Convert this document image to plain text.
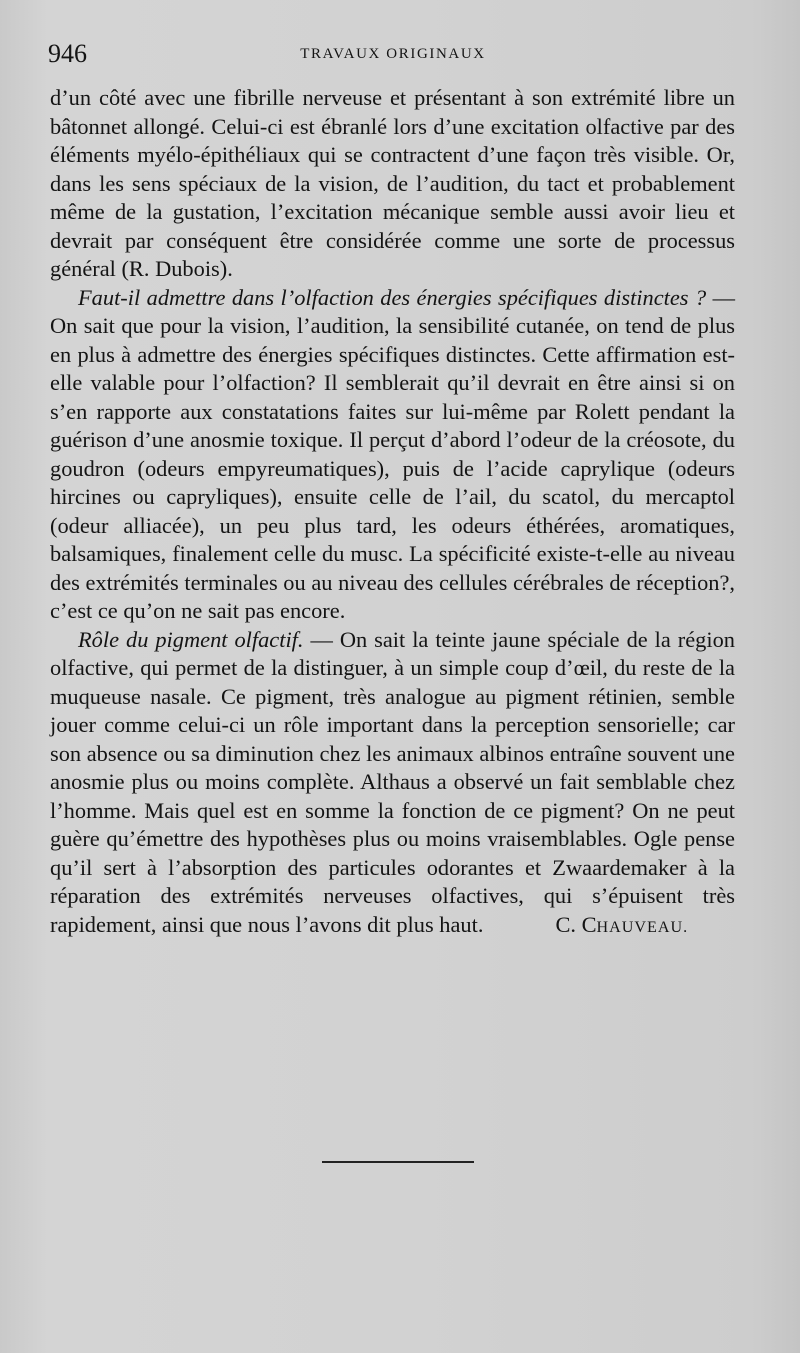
946	TRAVAUX ORIGINAUX

d’un côté avec une fibrille nerveuse et présentant à son extrémité libre un bâtonnet allongé. Celui-ci est ébranlé lors d’une excitation olfactive par des éléments myélo-épithéliaux qui se contractent d’une façon très visible. Or, dans les sens spéciaux de la vision, de l’audition, du tact et probablement même de la gustation, l’excitation mécanique semble aussi avoir lieu et devrait par conséquent être considérée comme une sorte de processus général (R. Dubois).

Faut-il admettre dans l’olfaction des énergies spécifiques distinctes ? — On sait que pour la vision, l’audition, la sensibilité cutanée, on tend de plus en plus à admettre des énergies spécifiques distinctes. Cette affirmation est-elle valable pour l’olfaction? Il semblerait qu’il devrait en être ainsi si on s’en rapporte aux constatations faites sur lui-même par Rolett pendant la guérison d’une anosmie toxique. Il perçut d’abord l’odeur de la créosote, du goudron (odeurs empyreumatiques), puis de l’acide caprylique (odeurs hircines ou capryliques), ensuite celle de l’ail, du scatol, du mercaptol (odeur alliacée), un peu plus tard, les odeurs éthérées, aromatiques, balsamiques, finalement celle du musc. La spécificité existe-t-elle au niveau des extrémités terminales ou au niveau des cellules cérébrales de réception?, c’est ce qu’on ne sait pas encore.

Rôle du pigment olfactif. — On sait la teinte jaune spéciale de la région olfactive, qui permet de la distinguer, à un simple coup d’œil, du reste de la muqueuse nasale. Ce pigment, très analogue au pigment rétinien, semble jouer comme celui-ci un rôle important dans la perception sensorielle; car son absence ou sa diminution chez les animaux albinos entraîne souvent une anosmie plus ou moins complète. Althaus a observé un fait semblable chez l’homme. Mais quel est en somme la fonction de ce pigment? On ne peut guère qu’émettre des hypothèses plus ou moins vraisemblables. Ogle pense qu’il sert à l’absorption des particules odorantes et Zwaardemaker à la réparation des extrémités nerveuses olfactives, qui s’épuisent très rapidement, ainsi que nous l’avons dit plus haut.	C. CHAUVEAU.
